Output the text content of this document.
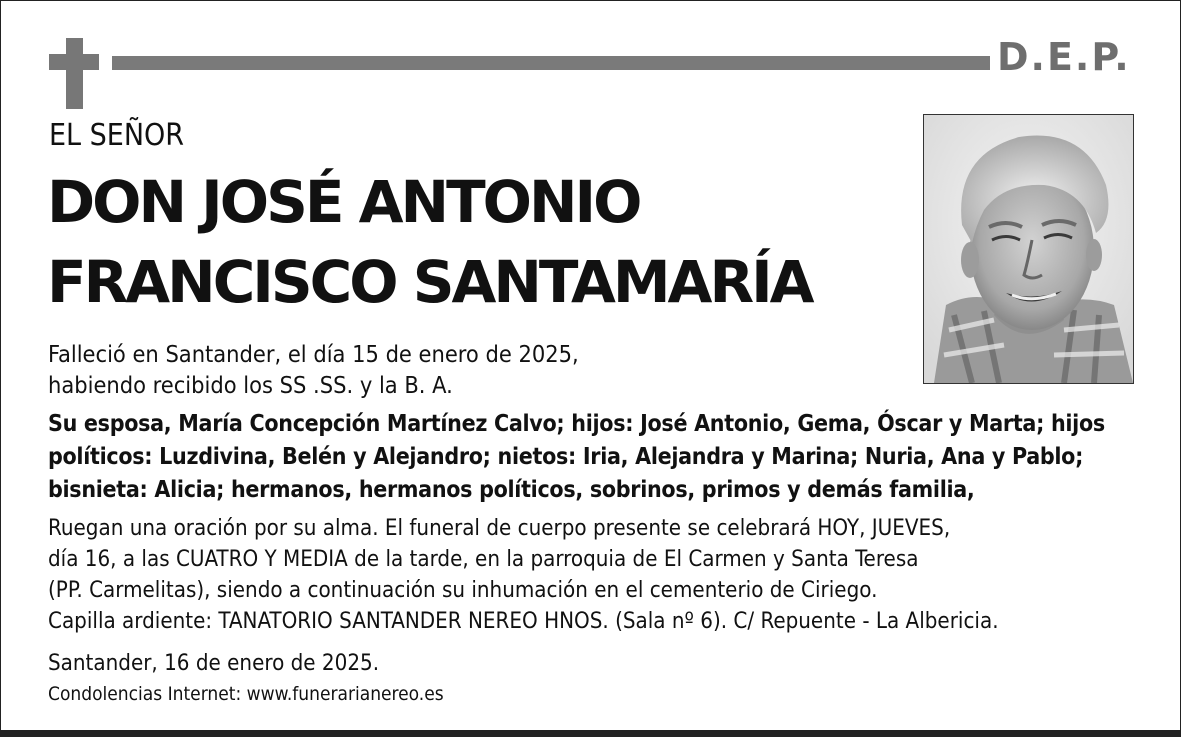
D.E.P.
EL SEÑOR
DON JOSÉ ANTONIO
FRANCISCO SANTAMARÍA
Falleció en Santander, el día 15 de enero de 2025,
habiendo recibido los SS .SS. y la B. A.
Su esposa, María Concepción Martínez Calvo; hijos: José Antonio, Gema, Óscar y Marta; hijos
políticos: Luzdivina, Belén y Alejandro; nietos: Iria, Alejandra y Marina; Nuria, Ana y Pablo;
bisnieta: Alicia; hermanos, hermanos políticos, sobrinos, primos y demás familia,
Ruegan una oración por su alma. El funeral de cuerpo presente se celebrará HOY, JUEVES,
día 16, a las CUATRO Y MEDIA de la tarde, en la parroquia de El Carmen y Santa Teresa
(PP. Carmelitas), siendo a continuación su inhumación en el cementerio de Ciriego.
Capilla ardiente: TANATORIO SANTANDER NEREO HNOS. (Sala nº 6). C/ Repuente - La Albericia.
Santander, 16 de enero de 2025.
Condolencias Internet: www.funerarianereo.es
